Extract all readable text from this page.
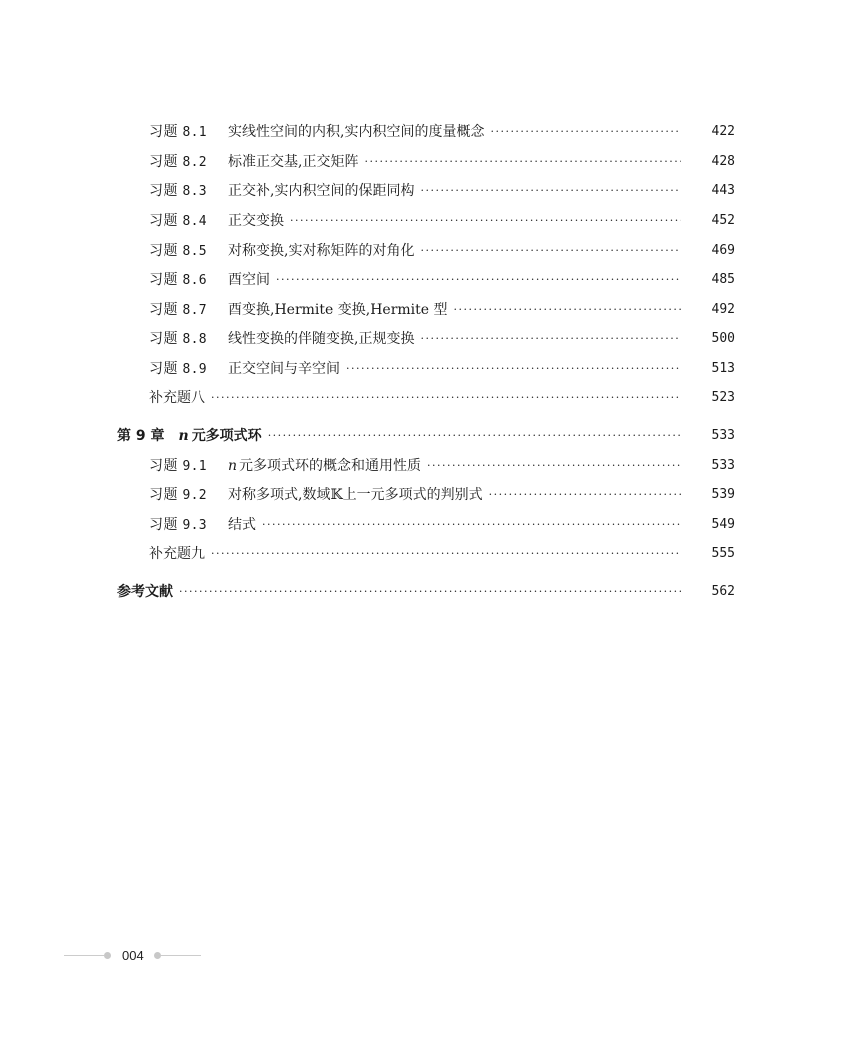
习题 8.1	实线性空间的内积,实内积空间的度量概念 ·····	422
习题 8.2	标准正交基,正交矩阵 ·····	428
习题 8.3	正交补,实内积空间的保距同构 ·····	443
习题 8.4	正交变换 ·····	452
习题 8.5	对称变换,实对称矩阵的对角化 ·····	469
习题 8.6	酉空间 ·····	485
习题 8.7	酉变换,Hermite 变换,Hermite 型 ·····	492
习题 8.8	线性变换的伴随变换,正规变换 ·····	500
习题 8.9	正交空间与辛空间 ·····	513
补充题八 ·····	523
第 9 章 n 元多项式环 ·····	533
习题 9.1	n 元多项式环的概念和通用性质 ·····	533
习题 9.2	对称多项式,数域𝕂上一元多项式的判别式 ·····	539
习题 9.3	结式 ·····	549
补充题九 ·····	555
参考文献 ·····	562
004
